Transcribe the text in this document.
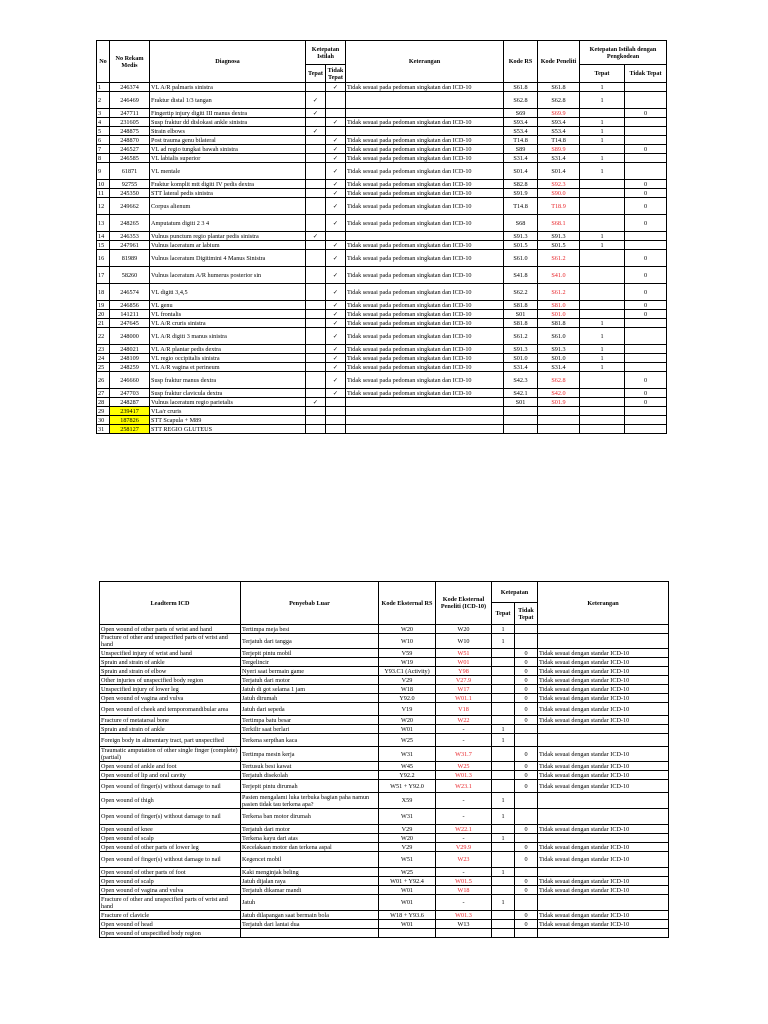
No	No Rekam Medis	Diagnosa	Ketepatan Istilah		Keterangan	Kode RS	Kode Peneliti	Ketepatan Istilah dengan Pengkodean	
			Tepat	Tidak Tepat				Tepat	Tidak Tepat
1	246374	VL A/R palmaris sinistra		✓	Tidak sesuai pada pedoman singkatan dan ICD-10	S61.8	S61.8	1	
2	246469	Fraktur distal 1/3 tangan	✓			S62.8	S62.8	1	
3	247711	Fingertip injury digiti III manus dextra	✓			S69	S69.9		0
4	231605	Susp fraktur dd dislokasi ankle sinistra		✓	Tidak sesuai pada pedoman singkatan dan ICD-10	S93.4	S93.4	1	
5	248875	Strain elbows	✓			S53.4	S53.4	1	
6	248870	Post trauma genu bilateral		✓	Tidak sesuai pada pedoman singkatan dan ICD-10	T14.8	T14.8	1	
7	246527	VL ad regio tungkai bawah sinistra		✓	Tidak sesuai pada pedoman singkatan dan ICD-10	S89	S89.9		0
8	246585	VL labialis superior		✓	Tidak sesuai pada pedoman singkatan dan ICD-10	S31.4	S31.4	1	
9	61871	VL mentale		✓	Tidak sesuai pada pedoman singkatan dan ICD-10	S01.4	S01.4	1	
10	92755	Fraktur komplit mtt digiti IV pedis dextra		✓	Tidak sesuai pada pedoman singkatan dan ICD-10	S82.8	S92.3		0
11	245350	STT lateral pedis sinistra		✓	Tidak sesuai pada pedoman singkatan dan ICD-10	S91.9	S90.0		0
12	249662	Corpus alienum		✓	Tidak sesuai pada pedoman singkatan dan ICD-10	T14.8	T18.9		0
13	248265	Amputatum digiti 2 3 4		✓	Tidak sesuai pada pedoman singkatan dan ICD-10	S68	S68.1		0
14	246353	Vulnus punctum regio plantar pedis sinistra	✓			S91.3	S91.3	1	
15	247961	Vulnus laceratum ar labium		✓	Tidak sesuai pada pedoman singkatan dan ICD-10	S01.5	S01.5	1	
16	81989	Vulnus laceratum Digitimini 4 Manus Sinistra		✓	Tidak sesuai pada pedoman singkatan dan ICD-10	S61.0	S61.2		0
17	58260	Vulnus laceratum A/R humerus posterior sin		✓	Tidak sesuai pada pedoman singkatan dan ICD-10	S41.8	S41.0		0
18	246574	VL digiti 3,4,5		✓	Tidak sesuai pada pedoman singkatan dan ICD-10	S62.2	S61.2		0
19	246856	VL genu		✓	Tidak sesuai pada pedoman singkatan dan ICD-10	S81.8	S81.0		0
20	141211	VL frontalis		✓	Tidak sesuai pada pedoman singkatan dan ICD-10	S01	S01.0		0
21	247645	VL A/R cruris sinistra		✓	Tidak sesuai pada pedoman singkatan dan ICD-10	S81.8	S81.8	1	
22	248000	VL A/R digiti 3 manus sinistra		✓	Tidak sesuai pada pedoman singkatan dan ICD-10	S61.2	S61.0	1	
23	248021	VL A/R plantar pedis dextra		✓	Tidak sesuai pada pedoman singkatan dan ICD-10	S91.3	S91.3	1	
24	248109	VL regio occipitalis sinistra		✓	Tidak sesuai pada pedoman singkatan dan ICD-10	S01.0	S01.0	1	
25	248259	VL A/R vagina et perineum		✓	Tidak sesuai pada pedoman singkatan dan ICD-10	S31.4	S31.4	1	
26	246660	Susp fraktur manus dextra		✓	Tidak sesuai pada pedoman singkatan dan ICD-10	S42.3	S62.8		0
27	247703	Susp fraktur clavicula dextra		✓	Tidak sesuai pada pedoman singkatan dan ICD-10	S42.1	S42.0		0
28	248287	Vulnus laceratum regio parietalis	✓			S01	S01.9		0
29	239417	VLa/r cruris							
30	187826	STT Scapula + M89							
31	258127	STT REGIO GLUTEUS							
Leadterm ICD	Penyebab Luar	Kode Eksternal RS	Kode Eksternal Peneliti (ICD-10)	Ketepatan		Keterangan
				Tepat	Tidak Tepat	
Open wound of other parts of wrist and hand	Tertimpa meja besi	W20	W20	1		
Fracture of other and unspecified parts of wrist and hand	Terjatuh dari tangga	W10	W10	1		
Unspecified injury of wrist and hand	Terjepit pintu mobil	V59	W51		0	Tidak sesuai dengan standar ICD-10
Sprain and strain of ankle	Tergelincir	W19	W01		0	Tidak sesuai dengan standar ICD-10
Sprain and strain of elbow	Nyeri saat bermain game	Y93.C1 (Activity)	Y98		0	Tidak sesuai dengan standar ICD-10
Other injuries of unspecified body region	Terjatuh dari motor	V29	V27.9		0	Tidak sesuai dengan standar ICD-10
Unspecified injury of lower leg	Jatuh di got selama 1 jam	W18	W17		0	Tidak sesuai dengan standar ICD-10
Open wound of vagina and vulva	Jatuh dirumah	Y92.0	W01.1		0	Tidak sesuai dengan standar ICD-10
Open wound of cheek and temporomandibular area	Jatuh dari sepeda	V19	V18		0	Tidak sesuai dengan standar ICD-10
Fracture of metatarsal bone	Tertimpa batu besar	W20	W22		0	Tidak sesuai dengan standar ICD-10
Sprain and strain of ankle	Terkilir saat berlari	W01	-	1		
Foreign body in alimentary tract, part unspecified	Terkena serpihan kaca	W25	-	1		
Traumatic amputation of other single finger (complete) (partial)	Tertimpa mesin kerja	W31	W31.7		0	Tidak sesuai dengan standar ICD-10
Open wound of ankle and foot	Tertusuk besi kawat	W45	W25		0	Tidak sesuai dengan standar ICD-10
Open wound of lip and oral cavity	Terjatuh disekolah	Y92.2	W01.3		0	Tidak sesuai dengan standar ICD-10
Open wound of finger(s) without damage to nail	Terjepit pintu dirumah	W51 + Y92.0	W23.1		0	Tidak sesuai dengan standar ICD-10
Open wound of thigh	Pasien mengalami luka terbuka bagian paha namun pasien tidak tau terkena apa?	X59	-	1		
Open wound of finger(s) without damage to nail	Terkena ban motor dirumah	W31	-	1		
Open wound of knee	Terjatuh dari motor	V29	W22.1		0	Tidak sesuai dengan standar ICD-10
Open wound of scalp	Terkena kayu dari atas	W20	-	1		
Open wound of other parts of lower leg	Kecelakaan motor dan terkena aspal	V29	V29.9		0	Tidak sesuai dengan standar ICD-10
Open wound of finger(s) without damage to nail	Kegencet mobil	W51	W23		0	Tidak sesuai dengan standar ICD-10
Open wound of other parts of foot	Kaki menginjak beling	W25	-	1		
Open wound of scalp	Jatuh dijalan raya	W01 + Y92.4	W01.5		0	Tidak sesuai dengan standar ICD-10
Open wound of vagina and vulva	Terjatuh dikamar mandi	W01	W18		0	Tidak sesuai dengan standar ICD-10
Fracture of other and unspecified parts of wrist and hand	Jatuh	W01	-	1		
Fracture of clavicle	Jatuh dilapangan saat bermain bola	W18 + Y93.6	W01.3		0	Tidak sesuai dengan standar ICD-10
Open wound of head	Terjatuh dari lantai dua	W01	W13		0	Tidak sesuai dengan standar ICD-10
Open wound of unspecified body region						
